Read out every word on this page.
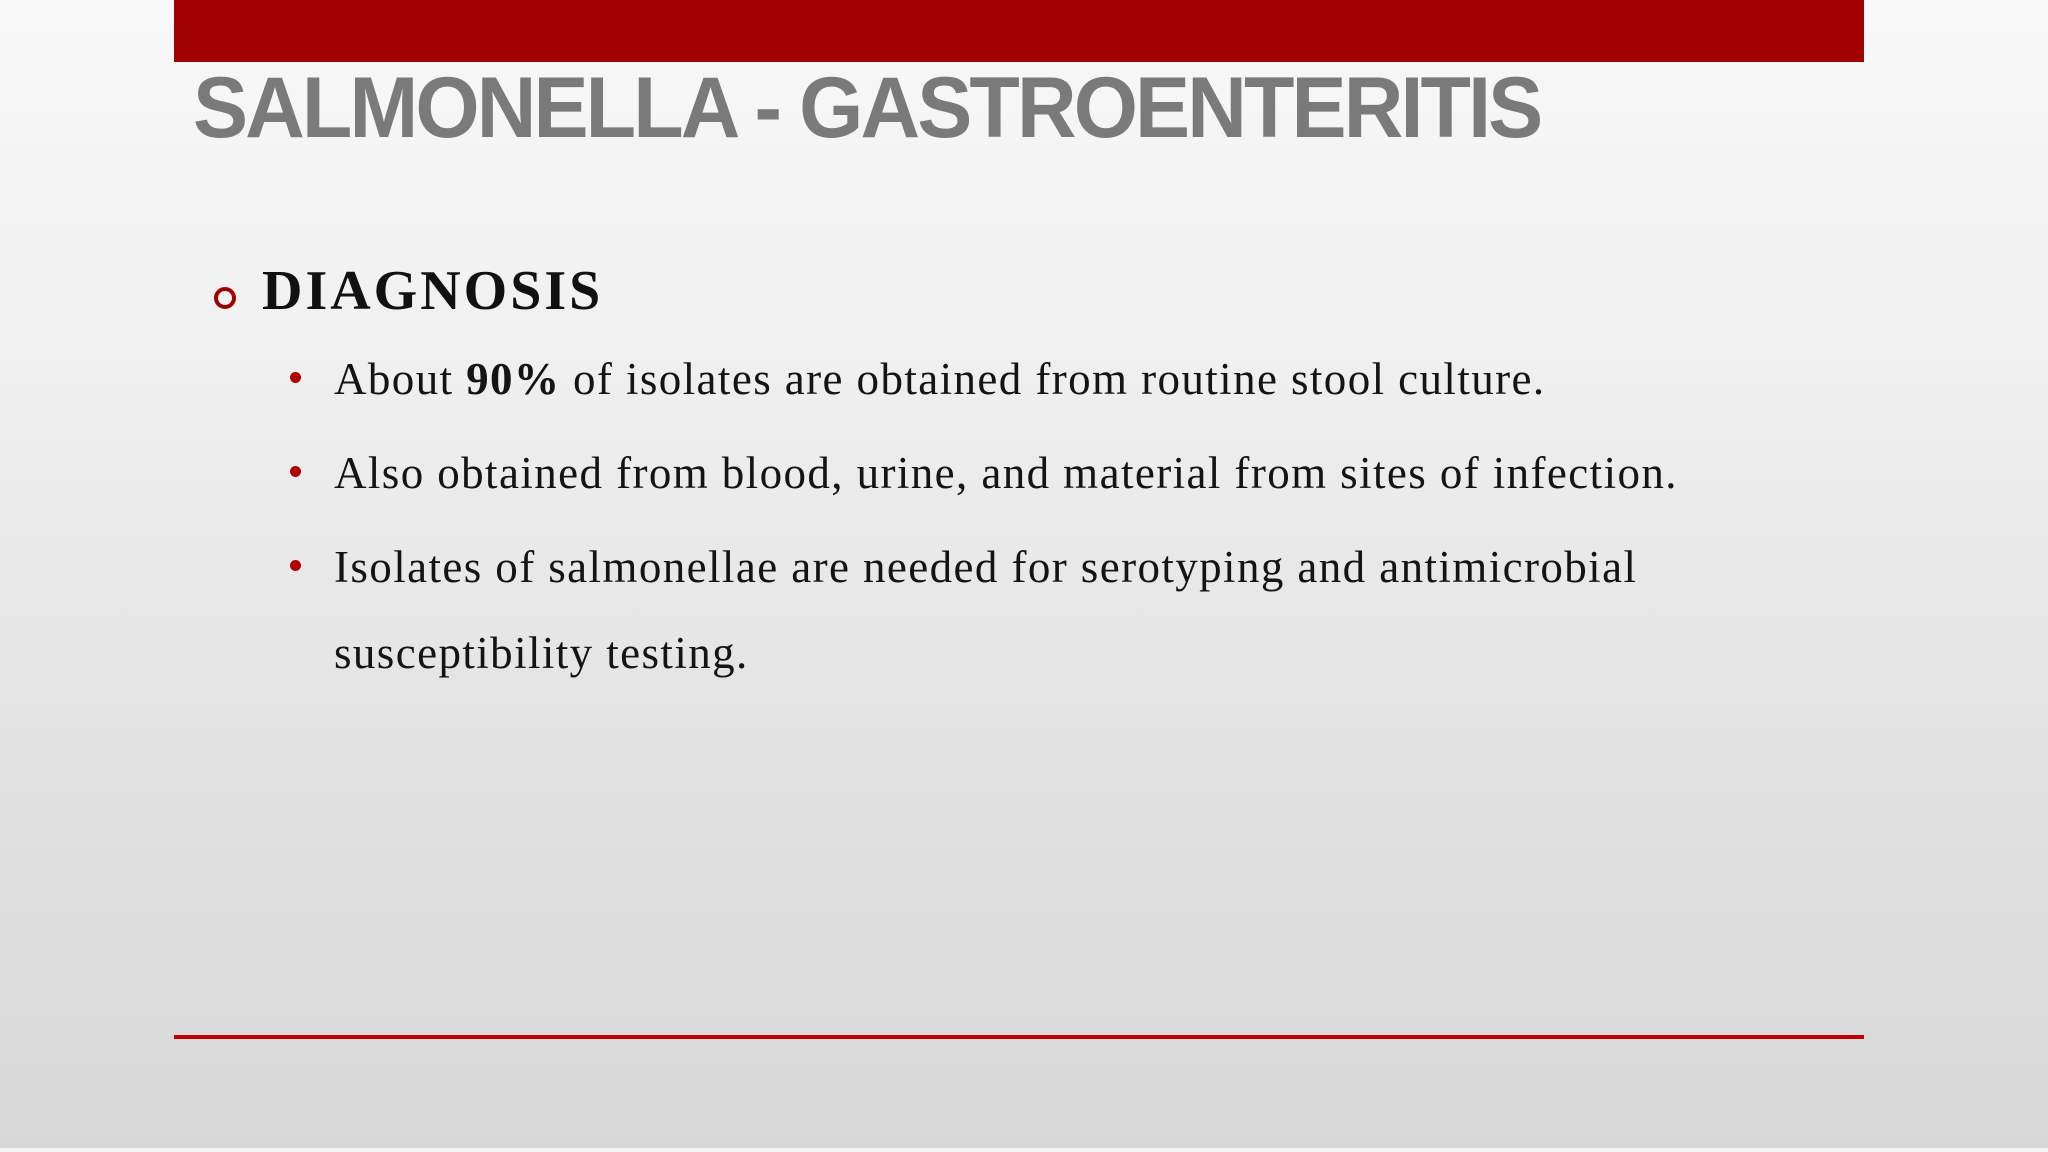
SALMONELLA - GASTROENTERITIS
DIAGNOSIS
About 90% of isolates are obtained from routine stool culture.
Also obtained from blood, urine, and material from sites of infection.
Isolates of salmonellae are needed for serotyping and antimicrobial susceptibility testing.
